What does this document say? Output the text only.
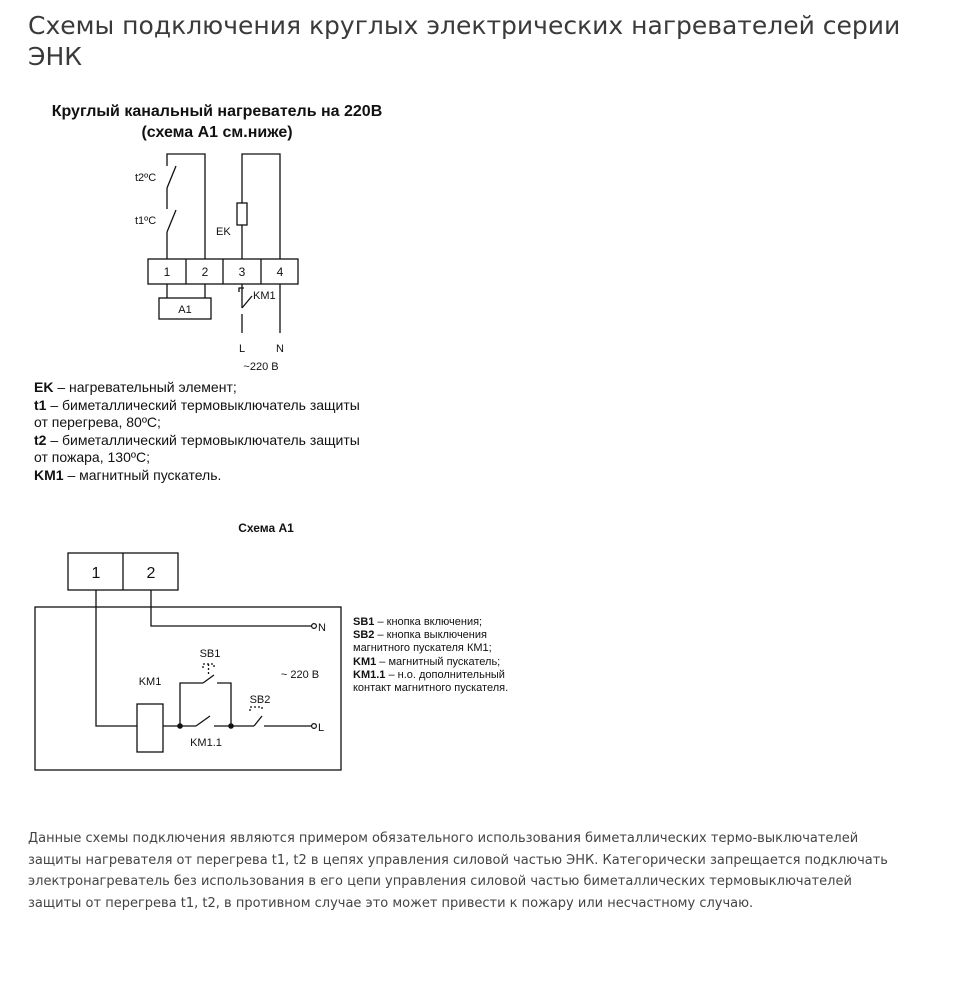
Схемы подключения круглых электрических нагревателей серии ЭНК
Круглый канальный нагреватель на 220В
(схема А1 см.ниже)
t2ºC
t1ºC
EK
1	2	3	4
A1
KM1
L	N
~220 В
EK – нагревательный элемент;
t1 – биметаллический термовыключатель защиты
от перегрева, 80ºC;
t2 – биметаллический термовыключатель защиты
от пожара, 130ºC;
KM1 – магнитный пускатель.
Схема А1
1	2
N
L
SB1
SB2
KM1
KM1.1
~ 220 В
SB1 – кнопка включения;
SB2 – кнопка выключения
магнитного пускателя КМ1;
KM1 – магнитный пускатель;
KM1.1 – н.о. дополнительный
контакт магнитного пускателя.

Данные схемы подключения являются примером обязательного использования биметаллических термо-выключателей защиты нагревателя от перегрева t1, t2 в цепях управления силовой частью ЭНК. Категорически запрещается подключать электронагреватель без использования в его цепи управления силовой частью биметаллических термовыключателей защиты от перегрева t1, t2, в противном случае это может привести к пожару или несчастному случаю.
